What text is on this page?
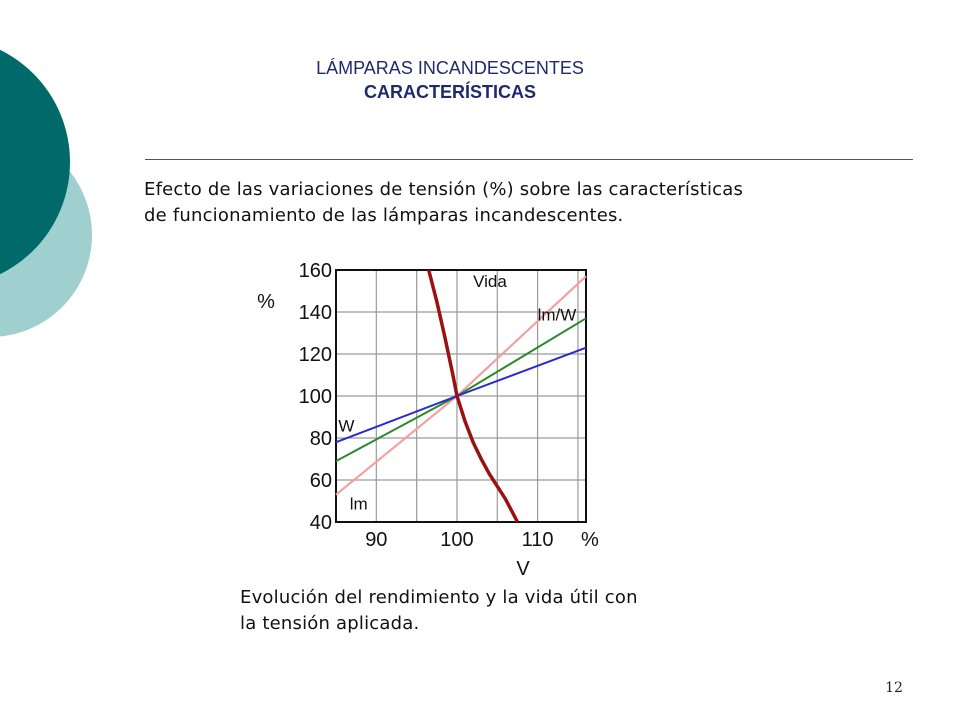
LÁMPARAS INCANDESCENTES
CARACTERÍSTICAS
Efecto de las variaciones de tensión (%) sobre las características
de funcionamiento de las lámparas incandescentes.
40
60
80
100
120
140
160
90	100 110 %
V
%
Vida
lm/W
W
lm
Evolución del rendimiento y la vida útil con
la tensión aplicada.
12
